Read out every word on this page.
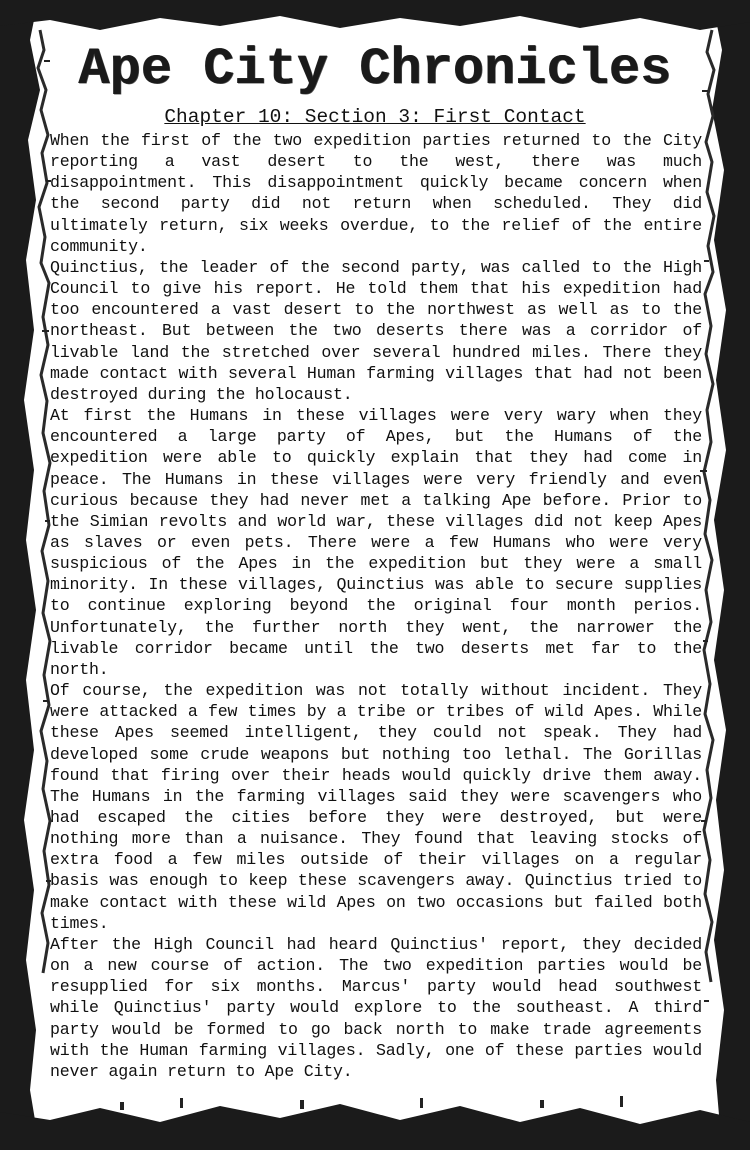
Ape City Chronicles
Chapter 10: Section 3: First Contact

When the first of the two expedition parties returned to the City reporting a vast desert to the west, there was much disappointment. This disappointment quickly became concern when the second party did not return when scheduled. They did ultimately return, six weeks overdue, to the relief of the entire community.

Quinctius, the leader of the second party, was called to the High Council to give his report. He told them that his expedition had too encountered a vast desert to the northwest as well as to the northeast. But between the two deserts there was a corridor of livable land the stretched over several hundred miles. There they made contact with several Human farming villages that had not been destroyed during the holocaust.

At first the Humans in these villages were very wary when they encountered a large party of Apes, but the Humans of the expedition were able to quickly explain that they had come in peace. The Humans in these villages were very friendly and even curious because they had never met a talking Ape before. Prior to the Simian revolts and world war, these villages did not keep Apes as slaves or even pets. There were a few Humans who were very suspicious of the Apes in the expedition but they were a small minority. In these villages, Quinctius was able to secure supplies to continue exploring beyond the original four month perios. Unfortunately, the further north they went, the narrower the livable corridor became until the two deserts met far to the north.

Of course, the expedition was not totally without incident. They were attacked a few times by a tribe or tribes of wild Apes. While these Apes seemed intelligent, they could not speak. They had developed some crude weapons but nothing too lethal. The Gorillas found that firing over their heads would quickly drive them away. The Humans in the farming villages said they were scavengers who had escaped the cities before they were destroyed, but were nothing more than a nuisance. They found that leaving stocks of extra food a few miles outside of their villages on a regular basis was enough to keep these scavengers away. Quinctius tried to make contact with these wild Apes on two occasions but failed both times.

After the High Council had heard Quinctius' report, they decided on a new course of action. The two expedition parties would be resupplied for six months. Marcus' party would head southwest while Quinctius' party would explore to the southeast. A third party would be formed to go back north to make trade agreements with the Human farming villages. Sadly, one of these parties would never again return to Ape City.
